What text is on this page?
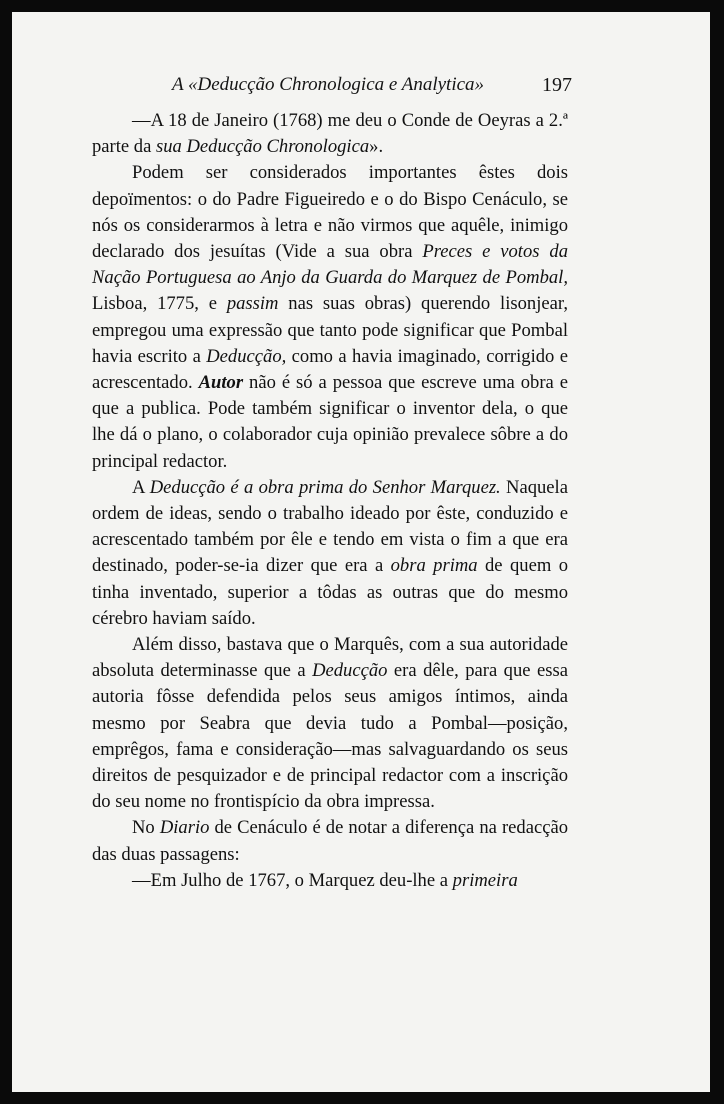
A «Deducção Chronologica e Analytica»	197

—A 18 de Janeiro (1768) me deu o Conde de Oeyras a 2.ª parte da sua Deducção Chronologica».

Podem ser considerados importantes êstes dois depoïmentos: o do Padre Figueiredo e o do Bispo Cenáculo, se nós os considerarmos à letra e não virmos que aquêle, inimigo declarado dos jesuítas (Vide a sua obra Preces e votos da Nação Portuguesa ao Anjo da Guarda do Marquez de Pombal, Lisboa, 1775, e passim nas suas obras) querendo lisonjear, empregou uma expressão que tanto pode significar que Pombal havia escrito a Deducção, como a havia imaginado, corrigido e acrescentado. Autor não é só a pessoa que escreve uma obra e que a publica. Pode também significar o inventor dela, o que lhe dá o plano, o colaborador cuja opinião prevalece sôbre a do principal redactor.

A Deducção é a obra prima do Senhor Marquez. Naquela ordem de ideas, sendo o trabalho ideado por êste, conduzido e acrescentado também por êle e tendo em vista o fim a que era destinado, poder-se-ia dizer que era a obra prima de quem o tinha inventado, superior a tôdas as outras que do mesmo cérebro haviam saído.

Além disso, bastava que o Marquês, com a sua autoridade absoluta determinasse que a Deducção era dêle, para que essa autoria fôsse defendida pelos seus amigos íntimos, ainda mesmo por Seabra que devia tudo a Pombal—posição, emprêgos, fama e consideração—mas salvaguardando os seus direitos de pesquizador e de principal redactor com a inscrição do seu nome no frontispício da obra impressa.

No Diario de Cenáculo é de notar a diferença na redacção das duas passagens:

—Em Julho de 1767, o Marquez deu-lhe a primeira
